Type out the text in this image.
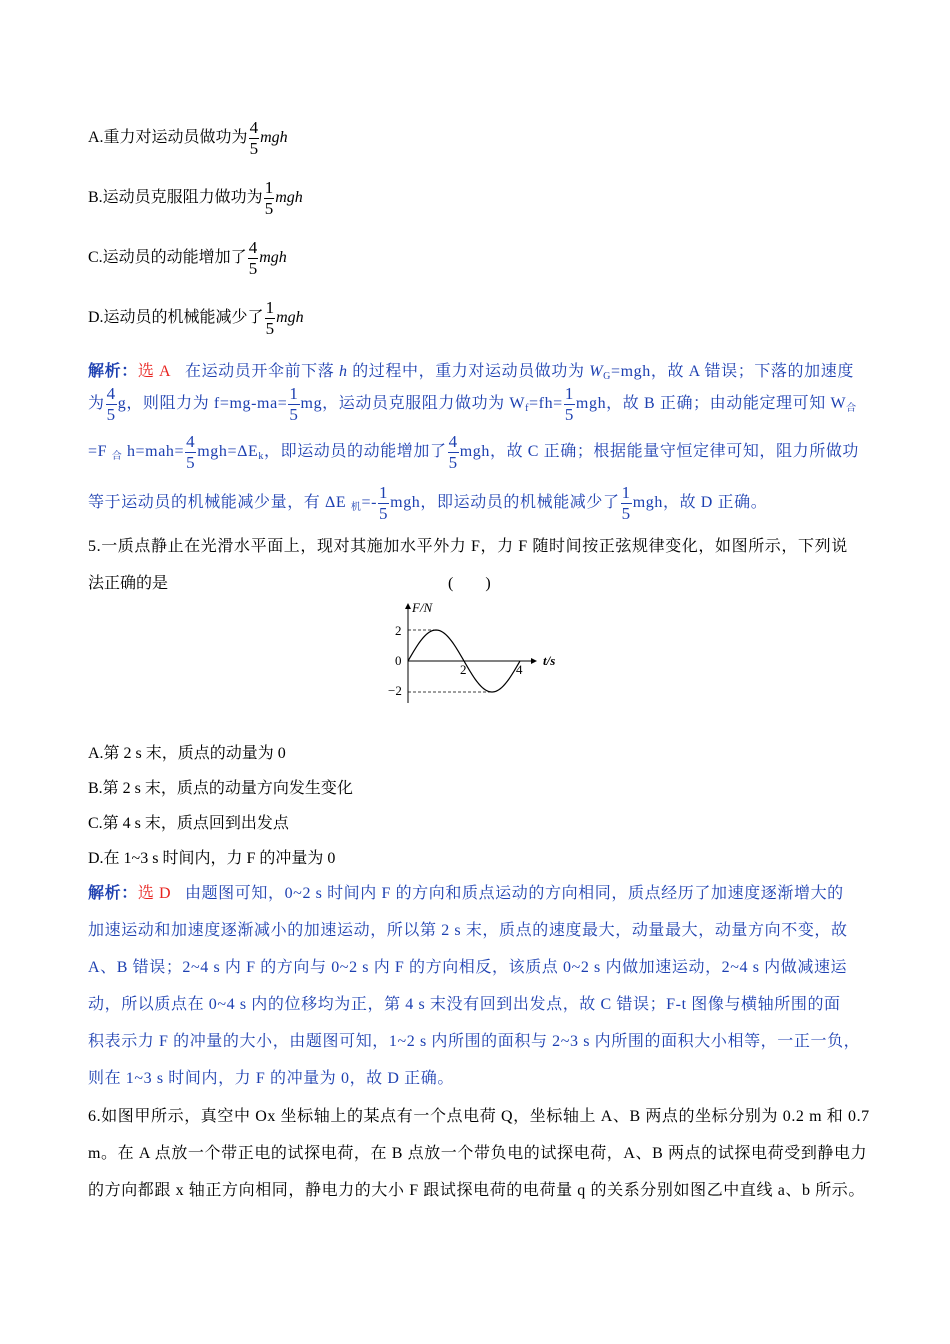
A.重力对运动员做功为 $\frac{4}{5}$ mgh
B.运动员克服阻力做功为 $\frac{1}{5}$ mgh
C.运动员的动能增加了 $\frac{4}{5}$ mgh
D.运动员的机械能减少了 $\frac{1}{5}$ mgh
解析：选 A 在运动员开伞前下落 h 的过程中，重力对运动员做功为 $W_G=mgh$，故 A 错误；下落的加速度
为 $\frac{4}{5}$ g，则阻力为 $f=mg-ma= \frac{1}{5}$ mg，运动员克服阻力做功为 $W_f=fh= \frac{1}{5}$ mgh，故 B 正确；由动能定理可知 $W_合$
=F $_合$ $h=mah= \frac{4}{5} mgh=\Delta E_k$，即运动员的动能增加了 $\frac{4}{5}$ mgh，故 C 正确；根据能量守恒定律可知，阻力所做功
等于运动员的机械能减少量，有 ΔE $_机=- \frac{1}{5}$ mgh，即运动员的机械能减少了 $\frac{1}{5}$ mgh，故 D 正确。
5.一质点静止在光滑水平面上，现对其施加水平外力 F，力 F 随时间按正弦规律变化，如图所示，下列说
法正确的是	(　　)
F/N
t/s
2
0
−2
2	4
A.第 2 s 末，质点的动量为 0
B.第 2 s 末，质点的动量方向发生变化
C.第 4 s 末，质点回到出发点
D.在 1~3 s 时间内，力 F 的冲量为 0
解析：选 D 由题图可知，0~2 s 时间内 F 的方向和质点运动的方向相同，质点经历了加速度逐渐增大的
加速运动和加速度逐渐减小的加速运动，所以第 2 s 末，质点的速度最大，动量最大，动量方向不变，故
A、B 错误；2~4 s 内 F 的方向与 0~2 s 内 F 的方向相反，该质点 0~2 s 内做加速运动，2~4 s 内做减速运
动，所以质点在 0~4 s 内的位移均为正，第 4 s 末没有回到出发点，故 C 错误；F-t 图像与横轴所围的面
积表示力 F 的冲量的大小，由题图可知，1~2 s 内所围的面积与 2~3 s 内所围的面积大小相等，一正一负，
则在 1~3 s 时间内，力 F 的冲量为 0，故 D 正确。
6.如图甲所示，真空中 Ox 坐标轴上的某点有一个点电荷 Q，坐标轴上 A、B 两点的坐标分别为 0.2 m 和 0.7
m。在 A 点放一个带正电的试探电荷，在 B 点放一个带负电的试探电荷，A、B 两点的试探电荷受到静电力
的方向都跟 x 轴正方向相同，静电力的大小 F 跟试探电荷的电荷量 q 的关系分别如图乙中直线 a、b 所示。
